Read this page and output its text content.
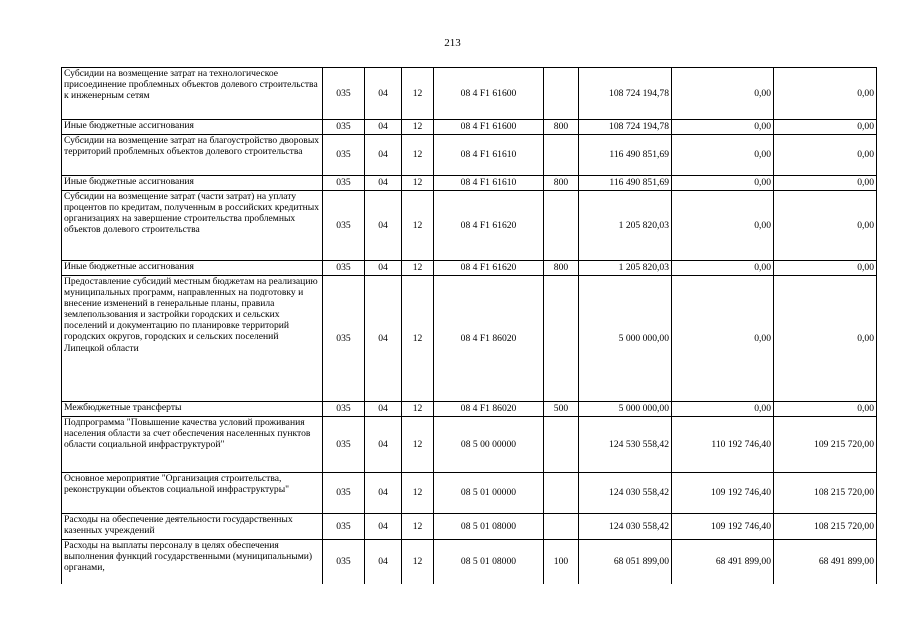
213
Субсидии на возмещение затрат на технологическое присоединение проблемных объектов долевого строительства к инженерным сетям	035	04	12	08 4 F1 61600		108 724 194,78	0,00	0,00
Иные бюджетные ассигнования	035	04	12	08 4 F1 61600	800	108 724 194,78	0,00	0,00
Субсидии на возмещение затрат на благоустройство дворовых территорий проблемных объектов долевого строительства	035	04	12	08 4 F1 61610		116 490 851,69	0,00	0,00
Иные бюджетные ассигнования	035	04	12	08 4 F1 61610	800	116 490 851,69	0,00	0,00
Субсидии на возмещение затрат (части затрат) на уплату процентов по кредитам, полученным в российских кредитных организациях на завершение строительства проблемных объектов долевого строительства	035	04	12	08 4 F1 61620		1 205 820,03	0,00	0,00
Иные бюджетные ассигнования	035	04	12	08 4 F1 61620	800	1 205 820,03	0,00	0,00
Предоставление субсидий местным бюджетам на реализацию муниципальных программ, направленных на подготовку и внесение изменений в генеральные планы, правила землепользования и застройки городских и сельских поселений и документацию по планировке территорий городских округов, городских и сельских поселений Липецкой области	035	04	12	08 4 F1 86020		5 000 000,00	0,00	0,00
Межбюджетные трансферты	035	04	12	08 4 F1 86020	500	5 000 000,00	0,00	0,00
Подпрограмма "Повышение качества условий проживания населения области за счет обеспечения населенных пунктов области социальной инфраструктурой"	035	04	12	08 5 00 00000		124 530 558,42	110 192 746,40	109 215 720,00
Основное мероприятие "Организация строительства, реконструкции объектов социальной инфраструктуры"	035	04	12	08 5 01 00000		124 030 558,42	109 192 746,40	108 215 720,00
Расходы на обеспечение деятельности государственных казенных учреждений	035	04	12	08 5 01 08000		124 030 558,42	109 192 746,40	108 215 720,00
Расходы на выплаты персоналу в целях обеспечения выполнения функций государственными (муниципальными) органами,	035	04	12	08 5 01 08000	100	68 051 899,00	68 491 899,00	68 491 899,00
